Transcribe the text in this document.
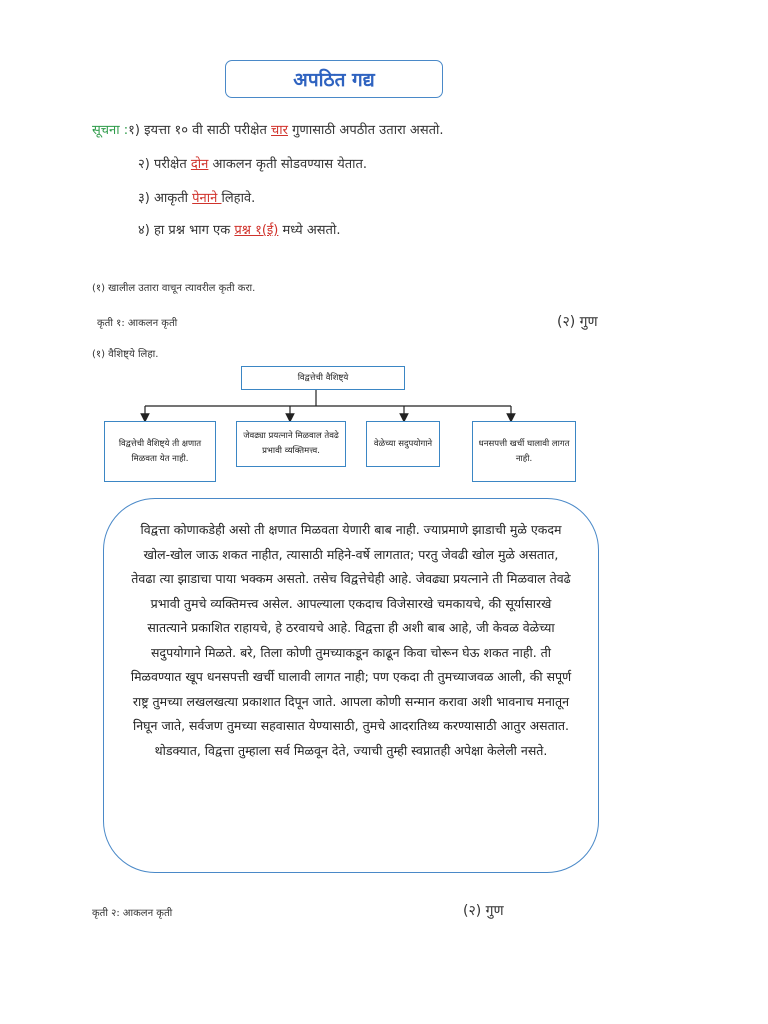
अपठित गद्य
सूचना :१) इयत्ता १० वी साठी परीक्षेत चार गुणासाठी अपठीत उतारा असतो.
२) परीक्षेत दोन आकलन कृती सोडवण्यास येतात.
३) आकृती पेनाने लिहावे.
४) हा प्रश्न भाग एक प्रश्न १(ई) मध्ये असतो.
(१) खालील उतारा वाचून त्यावरील कृती करा.
कृती १: आकलन कृती	(२) गुण
(१) वैशिष्ट्ये लिहा.
विद्वत्तेची वैशिष्ट्ये
विद्वत्तेची वैशिष्ट्ये ती क्षणात मिळवता येत नाही.
जेवढ्या प्रयत्नाने मिळवाल तेवढे प्रभावी व्यक्तिमत्त्व.
वेळेच्या सदुपयोगाने	धनसपत्ती खर्ची घालावी लागत नाही.
विद्वत्ता कोणाकडेही असो ती क्षणात मिळवता येणारी बाब नाही. ज्याप्रमाणे झाडाची मुळे एकदम खोल-खोल जाऊ शकत नाहीत, त्यासाठी महिने-वर्षे लागतात; परतु जेवढी खोल मुळे असतात, तेवढा त्या झाडाचा पाया भक्कम असतो. तसेच विद्वत्तेचेही आहे. जेवढ्या प्रयत्नाने ती मिळवाल तेवढे प्रभावी तुमचे व्यक्तिमत्त्व असेल. आपल्याला एकदाच विजेसारखे चमकायचे, की सूर्यासारखे सातत्याने प्रकाशित राहायचे, हे ठरवायचे आहे. विद्वत्ता ही अशी बाब आहे, जी केवळ वेळेच्या सदुपयोगाने मिळते. बरे, तिला कोणी तुमच्याकडून काढून किवा चोरून घेऊ शकत नाही. ती मिळवण्यात खूप धनसपत्ती खर्ची घालावी लागत नाही; पण एकदा ती तुमच्याजवळ आली, की सपूर्ण राष्ट्र तुमच्या लखलखत्या प्रकाशात दिपून जाते. आपला कोणी सन्मान करावा अशी भावनाच मनातून निघून जाते, सर्वजण तुमच्या सहवासात येण्यासाठी, तुमचे आदरातिथ्य करण्यासाठी आतुर असतात. थोडक्यात, विद्वत्ता तुम्हाला सर्व मिळवून देते, ज्याची तुम्ही स्वप्नातही अपेक्षा केलेली नसते.
कृती २: आकलन कृती	(२) गुण
